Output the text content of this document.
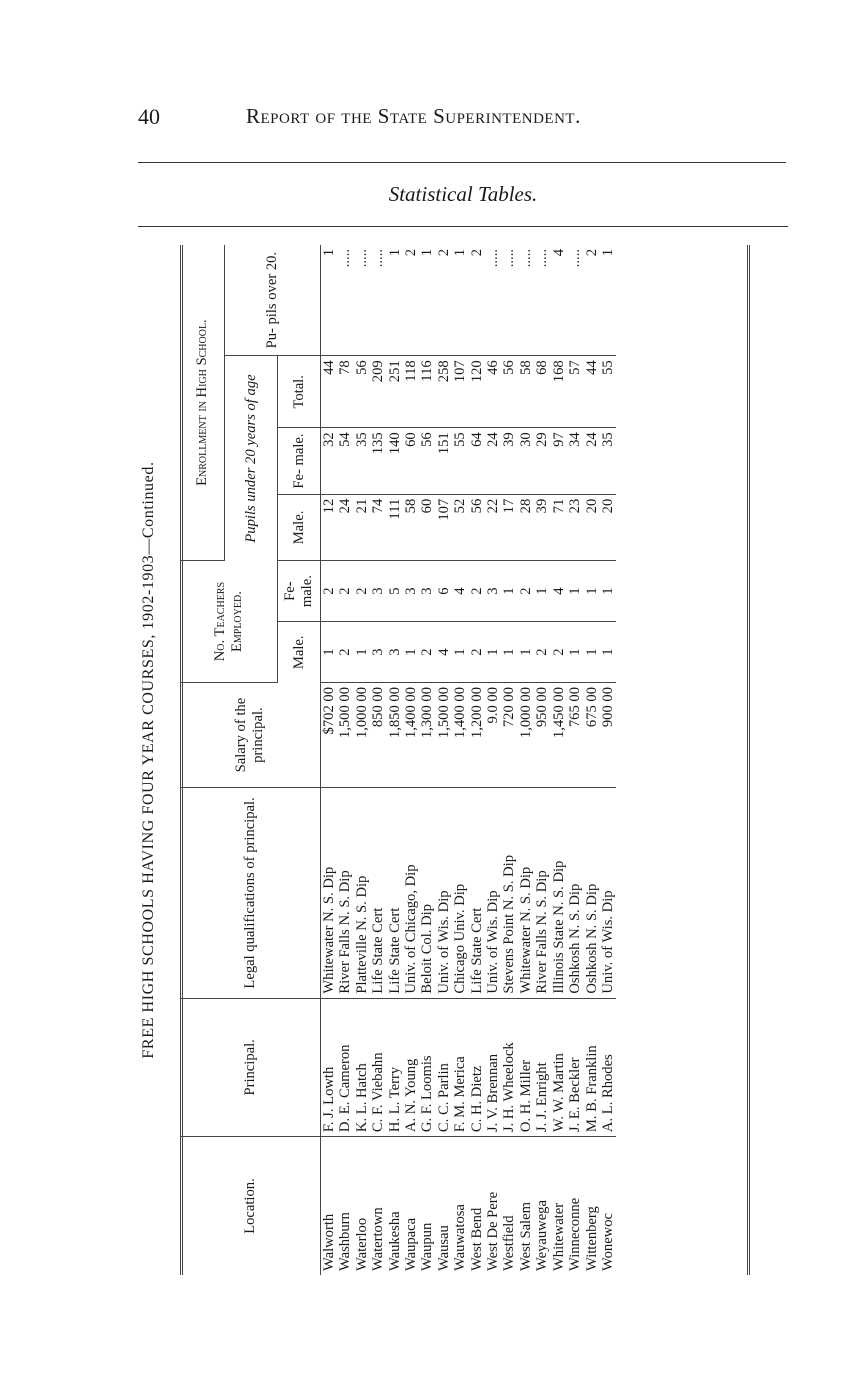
40	Report of the State Superintendent.
Statistical Tables.
FREE HIGH SCHOOLS HAVING FOUR YEAR COURSES, 1902-1903—Continued.
Location.	Principal.	Legal qualifications of principal.	Salary of the principal.	No. Teachers Employed.		Enrollment in High School.			
						Pupils under 20 years of age			Pu- pils over 20.
				Male.	Fe- male.	Male.	Fe- male.	Total.	
Walworth	F. J. Lowth	Whitewater N. S. Dip	$702 00	1	2	12	32	44	1
Washburn	D. E. Cameron	River Falls N. S. Dip	1,500 00	2	2	24	54	78	.....
Waterloo	K. L. Hatch	Platteville N. S. Dip	1,000 00	1	2	21	35	56	.....
Watertown	C. F. Viebahn	Life State Cert	850 00	3	3	74	135	209	.....
Waukesha	H. L. Terry	Life State Cert	1,850 00	3	5	111	140	251	1
Waupaca	A. N. Young	Univ. of Chicago, Dip	1,400 00	1	3	58	60	118	2
Waupun	G. F. Loomis	Beloit Col. Dip	1,300 00	2	3	60	56	116	1
Wausau	C. C. Parlin	Univ. of Wis. Dip	1,500 00	4	6	107	151	258	2
Wauwatosa	F. M. Merica	Chicago Univ. Dip	1,400 00	1	4	52	55	107	1
West Bend	C. H. Dietz	Life State Cert	1,200 00	2	2	56	64	120	2
West De Pere	J. V. Brennan	Univ. of Wis. Dip	9.0 00	1	3	22	24	46	.....
Westfield	J. H. Wheelock	Stevens Point N. S. Dip	720 00	1	1	17	39	56	.....
West Salem	O. H. Miller	Whitewater N. S. Dip	1,000 00	1	2	28	30	58	.....
Weyauwega	J. J. Enright	River Falls N. S. Dip	950 00	2	1	39	29	68	.....
Whitewater	W. W. Martin	Illinois State N. S. Dip	1,450 00	2	4	71	97	168	4
Winneconne	J. E. Beckler	Oshkosh N. S. Dip	765 00	1	1	23	34	57	.....
Wittenberg	M. B. Franklin	Oshkosh N. S. Dip	675 00	1	1	20	24	44	2
Wonewoc	A. L. Rhodes	Univ. of Wis. Dip	900 00	1	1	20	35	55	1
